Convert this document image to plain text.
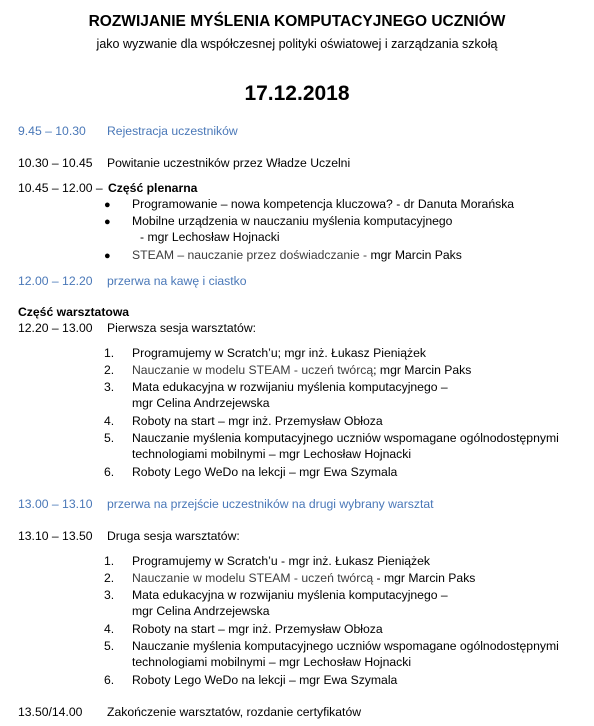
ROZWIJANIE MYŚLENIA KOMPUTACYJNEGO UCZNIÓW
jako wyzwanie dla współczesnej polityki oświatowej i zarządzania szkołą
17.12.2018
9.45 – 10.30 Rejestracja uczestników
10.30 – 10.45 Powitanie uczestników przez Władze Uczelni
10.45 – 12.00 – Część plenarna
● Programowanie – nowa kompetencja kluczowa? - dr Danuta Morańska
● Mobilne urządzenia w nauczaniu myślenia komputacyjnego
- mgr Lechosław Hojnacki
● STEAM – nauczanie przez doświadczanie - mgr Marcin Paks
12.00 – 12.20 przerwa na kawę i ciastko
Część warsztatowa
12.20 – 13.00 Pierwsza sesja warsztatów:
1. Programujemy w Scratch’u; mgr inż. Łukasz Pieniążek
2. Nauczanie w modelu STEAM - uczeń twórcą; mgr Marcin Paks
3. Mata edukacyjna w rozwijaniu myślenia komputacyjnego –
mgr Celina Andrzejewska
4. Roboty na start – mgr inż. Przemysław Obłoza
5. Nauczanie myślenia komputacyjnego uczniów wspomagane ogólnodostępnymi
technologiami mobilnymi – mgr Lechosław Hojnacki
6. Roboty Lego WeDo na lekcji – mgr Ewa Szymala
13.00 – 13.10 przerwa na przejście uczestników na drugi wybrany warsztat
13.10 – 13.50 Druga sesja warsztatów:
1. Programujemy w Scratch’u - mgr inż. Łukasz Pieniążek
2. Nauczanie w modelu STEAM - uczeń twórcą - mgr Marcin Paks
3. Mata edukacyjna w rozwijaniu myślenia komputacyjnego –
mgr Celina Andrzejewska
4. Roboty na start – mgr inż. Przemysław Obłoza
5. Nauczanie myślenia komputacyjnego uczniów wspomagane ogólnodostępnymi
technologiami mobilnymi – mgr Lechosław Hojnacki
6. Roboty Lego WeDo na lekcji – mgr Ewa Szymala
13.50/14.00 Zakończenie warsztatów, rozdanie certyfikatów
